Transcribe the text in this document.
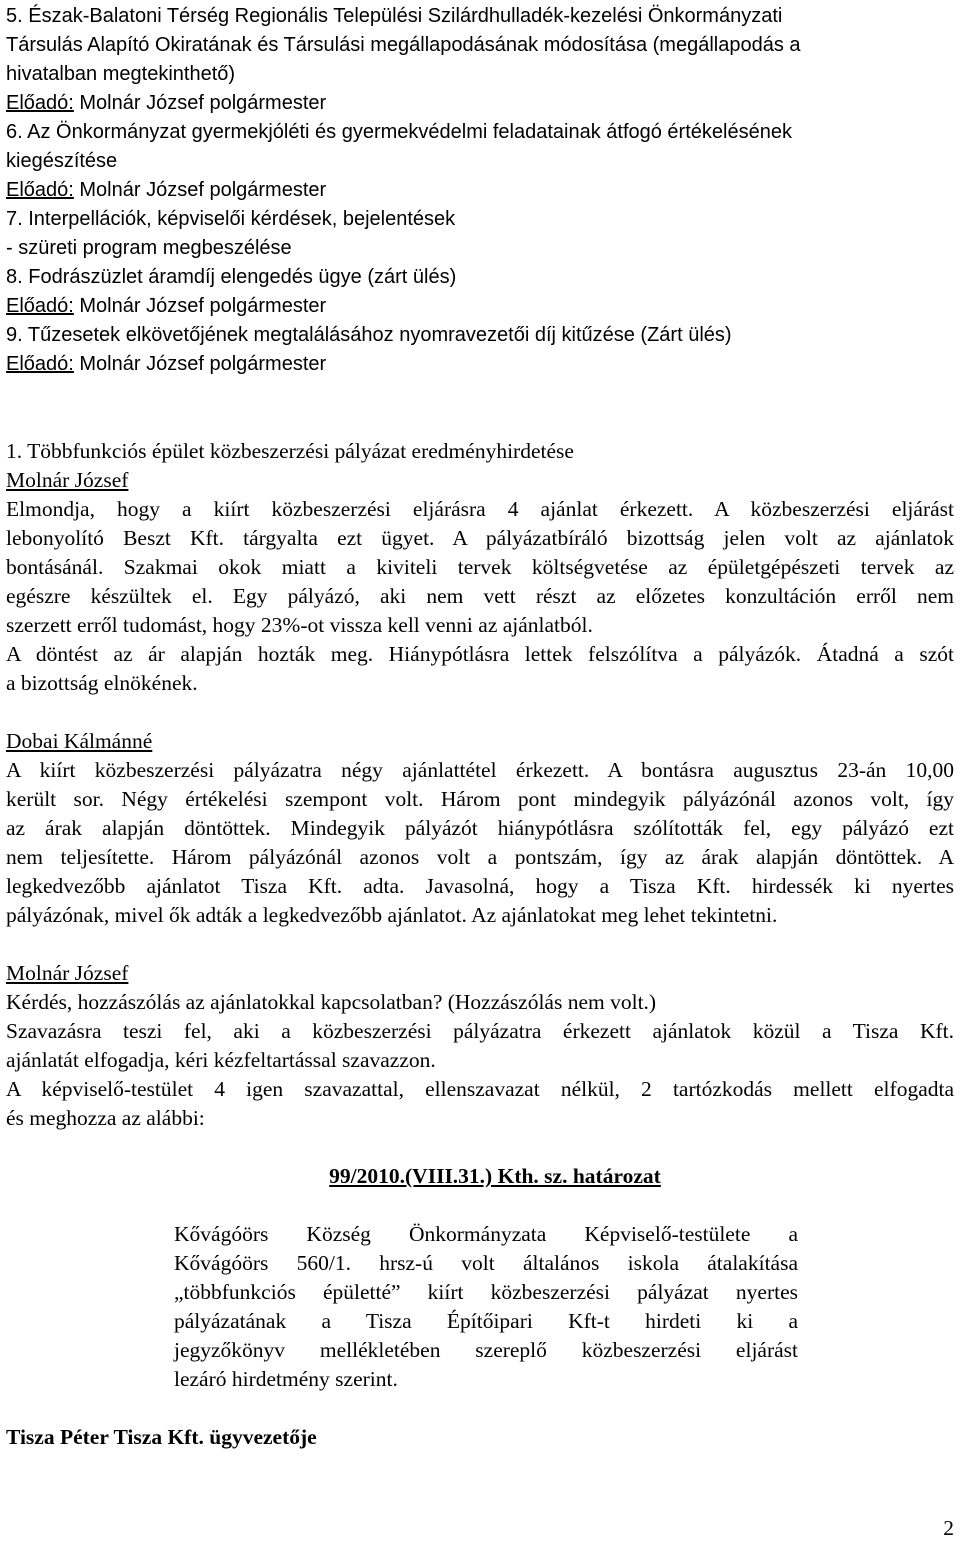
5. Észak-Balatoni Térség Regionális Települési Szilárdhulladék-kezelési Önkormányzati
Társulás Alapító Okiratának és Társulási megállapodásának módosítása (megállapodás a
hivatalban megtekinthető)
Előadó: Molnár József polgármester
6. Az Önkormányzat gyermekjóléti és gyermekvédelmi feladatainak átfogó értékelésének
kiegészítése
Előadó: Molnár József polgármester
7. Interpellációk, képviselői kérdések, bejelentések
- szüreti program megbeszélése
8. Fodrászüzlet áramdíj elengedés ügye (zárt ülés)
Előadó: Molnár József polgármester
9. Tűzesetek elkövetőjének megtalálásához nyomravezetői díj kitűzése (Zárt ülés)
Előadó: Molnár József polgármester
1. Többfunkciós épület közbeszerzési pályázat eredményhirdetése
Molnár József
Elmondja, hogy a kiírt közbeszerzési eljárásra 4 ajánlat érkezett. A közbeszerzési eljárást
lebonyolító Beszt Kft. tárgyalta ezt ügyet. A pályázatbíráló bizottság jelen volt az ajánlatok
bontásánál. Szakmai okok miatt a kiviteli tervek költségvetése az épületgépészeti tervek az
egészre készültek el. Egy pályázó, aki nem vett részt az előzetes konzultáción erről nem
szerzett erről tudomást, hogy 23%-ot vissza kell venni az ajánlatból.
A döntést az ár alapján hozták meg. Hiánypótlásra lettek felszólítva a pályázók. Átadná a szót
a bizottság elnökének.
Dobai Kálmánné
A kiírt közbeszerzési pályázatra négy ajánlattétel érkezett. A bontásra augusztus 23-án 10,00
került sor. Négy értékelési szempont volt. Három pont mindegyik pályázónál azonos volt, így
az árak alapján döntöttek. Mindegyik pályázót hiánypótlásra szólították fel, egy pályázó ezt
nem teljesítette. Három pályázónál azonos volt a pontszám, így az árak alapján döntöttek. A
legkedvezőbb ajánlatot Tisza Kft. adta. Javasolná, hogy a Tisza Kft. hirdessék ki nyertes
pályázónak, mivel ők adták a legkedvezőbb ajánlatot. Az ajánlatokat meg lehet tekintetni.
Molnár József
Kérdés, hozzászólás az ajánlatokkal kapcsolatban? (Hozzászólás nem volt.)
Szavazásra teszi fel, aki a közbeszerzési pályázatra érkezett ajánlatok közül a Tisza Kft.
ajánlatát elfogadja, kéri kézfeltartással szavazzon.
A képviselő-testület 4 igen szavazattal, ellenszavazat nélkül, 2 tartózkodás mellett elfogadta
és meghozza az alábbi:
99/2010.(VIII.31.) Kth. sz. határozat
Kővágóörs Község Önkormányzata Képviselő-testülete a
Kővágóörs 560/1. hrsz-ú volt általános iskola átalakítása
„többfunkciós épületté” kiírt közbeszerzési pályázat nyertes
pályázatának a Tisza Építőipari Kft-t hirdeti ki a
jegyzőkönyv mellékletében szereplő közbeszerzési eljárást
lezáró hirdetmény szerint.
Tisza Péter Tisza Kft. ügyvezetője
2
